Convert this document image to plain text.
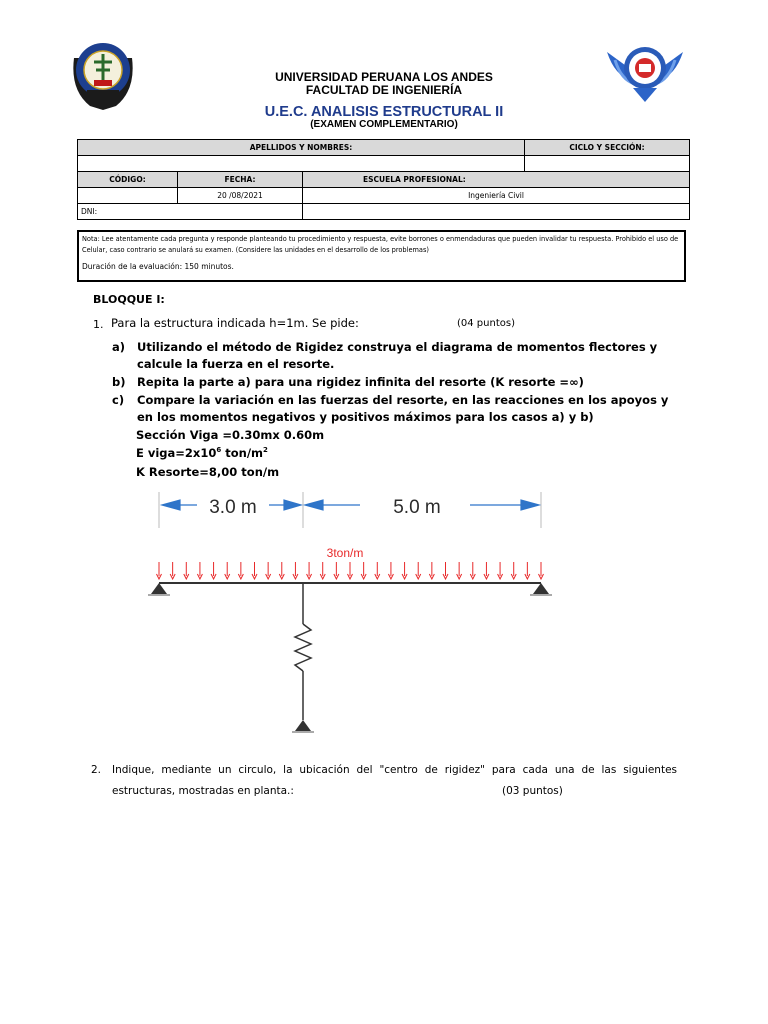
UNIVERSIDAD PERUANA LOS ANDES
FACULTAD DE INGENIERÍA
U.E.C. ANALISIS ESTRUCTURAL II
(EXAMEN COMPLEMENTARIO)
APELLIDOS Y NOMBRES:			CICLO Y SECCIÓN:

CÓDIGO:	FECHA:	ESCUELA PROFESIONAL:	
	20 /08/2021	Ingeniería Civil	
DNI:			
Nota: Lee atentamente cada pregunta y responde planteando tu procedimiento y respuesta, evite borrones o enmendaduras que pueden invalidar tu respuesta. Prohibido el uso de Celular, caso contrario se anulará su examen. (Considere las unidades en el desarrollo de los problemas)
Duración de la evaluación: 150 minutos.
BLOQQUE I:
1. Para la estructura indicada h=1m. Se pide:	(04 puntos)
a) Utilizando el método de Rigidez construya el diagrama de momentos flectores y calcule la fuerza en el resorte.
b) Repita la parte a) para una rigidez infinita del resorte (K resorte =∞)
c) Compare la variación en las fuerzas del resorte, en las reacciones en los apoyos y en los momentos negativos y positivos máximos para los casos a) y b)
Sección Viga =0.30mx 0.60m
E $viga=2x10^6$ ton/$m^2$
K Resorte=8,00 ton/m
3.0 m	5.0 m
3ton/m
2.	Indique, mediante un circulo, la ubicación del "centro de rigidez" para cada una de las siguientes estructuras, mostradas en planta.:	(03 puntos)
